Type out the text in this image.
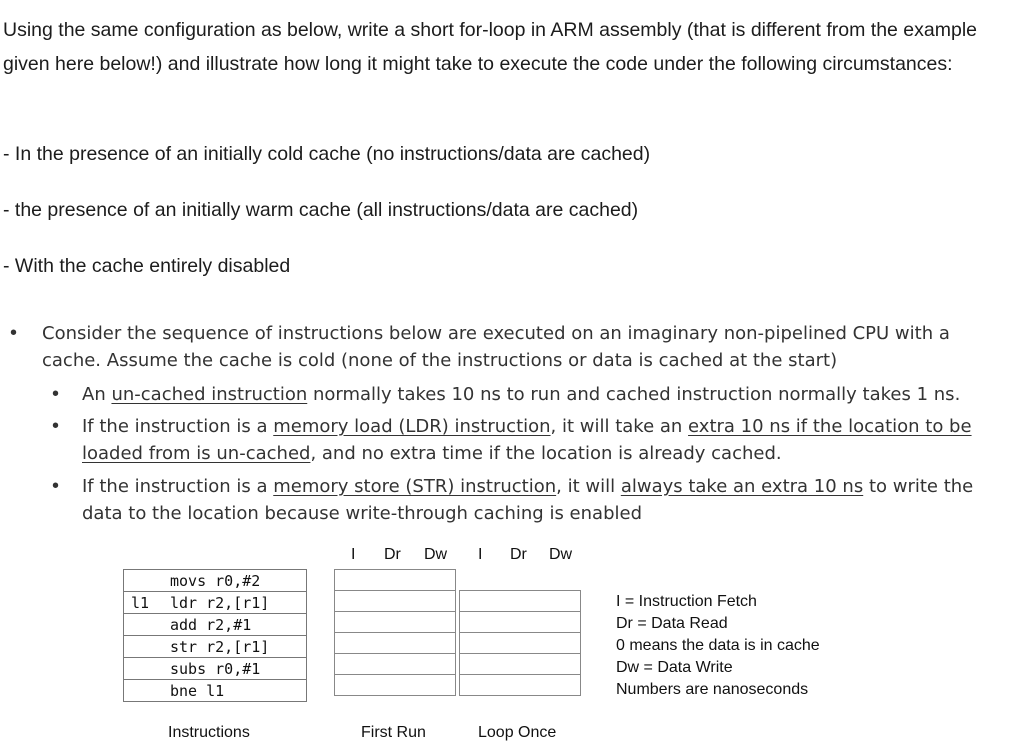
Using the same configuration as below, write a short for-loop in ARM assembly (that is different from the example given here below!) and illustrate how long it might take to execute the code under the following circumstances:

- In the presence of an initially cold cache (no instructions/data are cached)

- the presence of an initially warm cache (all instructions/data are cached)

- With the cache entirely disabled

• Consider the sequence of instructions below are executed on an imaginary non-pipelined CPU with a cache. Assume the cache is cold (none of the instructions or data is cached at the start)

• An un-cached instruction normally takes 10 ns to run and cached instruction normally takes 1 ns.

• If the instruction is a memory load (LDR) instruction, it will take an extra 10 ns if the location to be loaded from is un-cached, and no extra time if the location is already cached.

• If the instruction is a memory store (STR) instruction, it will always take an extra 10 ns to write the data to the location because write-through caching is enabled

I Dr Dw I Dr Dw
	movs r0,#2
l1	ldr r2,[r1]
	add r2,#1
	str r2,[r1]
	subs r0,#1
	bne l1

I = Instruction Fetch
Dr = Data Read
0 means the data is in cache
Dw = Data Write
Numbers are nanoseconds
Instructions	First Run	Loop Once
